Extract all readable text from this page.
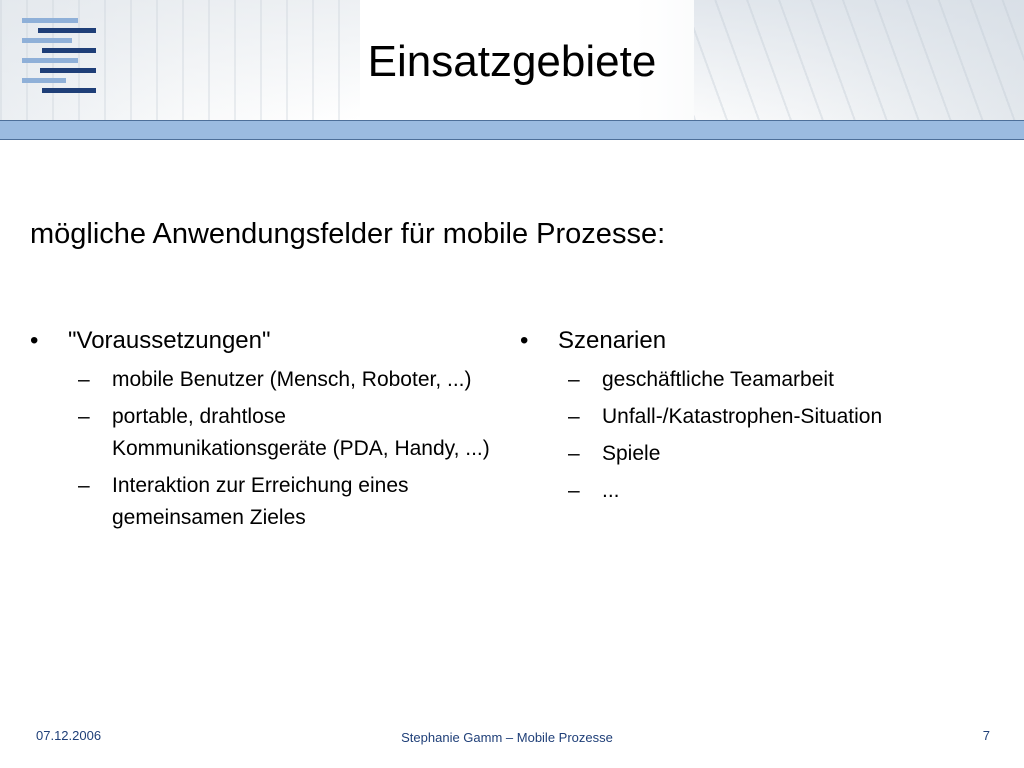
Einsatzgebiete
mögliche Anwendungsfelder für mobile Prozesse:
•	"Voraussetzungen"
–	mobile Benutzer (Mensch, Roboter, ...)
–	portable, drahtlose Kommunikationsgeräte (PDA, Handy, ...)
–	Interaktion zur Erreichung eines gemeinsamen Zieles
•	Szenarien
–	geschäftliche Teamarbeit
–	Unfall-/Katastrophen-Situation
–	Spiele
–	...
07.12.2006	Stephanie Gamm – Mobile Prozesse	7
